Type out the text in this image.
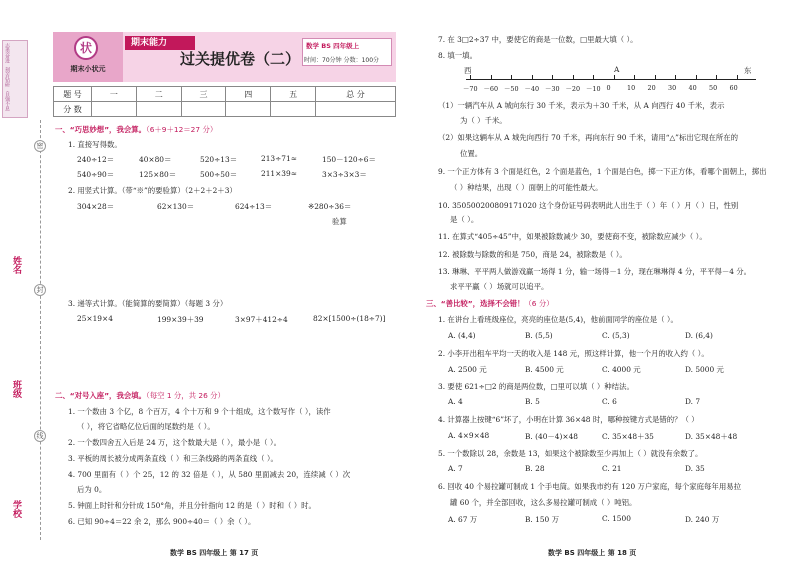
志勇奋进
刻苦钻研
自强不息
密
姓名
封
班级
线
学校
状
期末小状元
期末能力
过关提优卷（二）
数学 BS 四年级上
时间：70分钟 分数：100分
题 号	一	二	三	四	五	总 分
分 数						
一、“巧思妙想”，我会算。（6＋9＋12＝27 分）
1. 直接写得数。
240÷12＝	40×80＝	520÷13＝	213÷71≈	150－120÷6＝
540÷90＝	125×80＝	500÷50＝	211×39≈	3×3÷3×3＝
2. 用竖式计算。（带“※”的要验算）（2＋2＋2＋3）
304×28＝	62×130＝	624÷13＝	※280÷36＝
验算
3. 递等式计算。（能简算的要简算）（每题 3 分）
25×19×4	199×39＋39	3×97＋412÷4	82×[1500÷(18÷7)]
二、“对号入座”，我会填。（每空 1 分，共 26 分）
1. 一个数由 3 个亿，8 个百万，4 个十万和 9 个十组成，这个数写作（ ），读作
（ ），将它省略亿位后面的尾数约是（ ）。
2. 一个数四舍五入后是 24 万，这个数最大是（ ），最小是（ ）。
3. 平板的周长被分成两条直线（ ）和三条线路的两条直线（ ）。
4. 700 里面有（ ）个 25，12 的 32 倍是（ ），从 580 里面减去 20，连续减（ ）次
后为 0。
5. 钟面上时针和分针成 150°角，并且分针指向 12 的是（ ）时和（ ）时。
6. 已知 90÷4＝22 余 2，那么 900÷40＝（ ）余（ ）。
数学 BS 四年级上 第 17 页
7. 在 3□2÷37 中，要使它的商是一位数，□里最大填（ ）。
8. 填一填。
西	A	东
－70 －60 －50 －40 －30 －20 －10 0	10 20 30 40 50 60
（1）一辆汽车从 A 城向东行 30 千米，表示为＋30 千米，从 A 向西行 40 千米，表示
为（ ）千米。
（2）如果这辆车从 A 城先向西行 70 千米，再向东行 90 千米，请用“△”标出它现在所在的
位置。
9. 一个正方体有 3 个面是红色，2 个面是蓝色，1 个面是白色，掷一下正方体，看哪个面朝上，掷出
（ ）种结果，出现（ ）面朝上的可能性最大。
10. 350500200809171020 这个身份证号码表明此人出生于（ ）年（ ）月（ ）日，性别
是（ ）。
11. 在算式“405÷45”中，如果被除数减少 30，要使商不变，被除数应减少（ ）。
12. 被除数与除数的和是 750，商是 24，被除数是（ ）。
13. 琳琳、平平两人做游戏赢一场得 1 分，输一场得－1 分，现在琳琳得 4 分，平平得－4 分。
求平平赢（ ）场就可以追平。
三、“善比较”，选择不会错！（6 分）
1. 在讲台上看班级座位，亮亮的座位是(5,4)，他前面同学的座位是（ ）。
A. (4,4)	B. (5,5)	C. (5,3)	D. (6,4)
2. 小李开出租车平均一天的收入是 148 元，照这样计算，他一个月的收入约（ ）。
A. 2500 元	B. 4500 元	C. 4000 元	D. 5000 元
3. 要使 621÷□2 的商是两位数，□里可以填（ ）种结法。
A. 4	B. 5	C. 6	D. 7
4. 计算器上按键“6”坏了，小明在计算 36×48 时，哪种按键方式是错的？（ ）
A. 4×9×48	B. (40－4)×48	C. 35×48＋35	D. 35×48＋48
5. 一个数除以 28，余数是 13，如果这个被除数至少再加上（ ）就没有余数了。
A. 7	B. 28	C. 21	D. 35
6. 回收 40 个易拉罐可制成 1 个手电筒。如果我市约有 120 万户家庭，每个家庭每年用易拉
罐 60 个，并全部回收，这么多易拉罐可制成（ ）吨铝。
A. 67 万	B. 150 万	C. 1500	D. 240 万
数学 BS 四年级上 第 18 页
